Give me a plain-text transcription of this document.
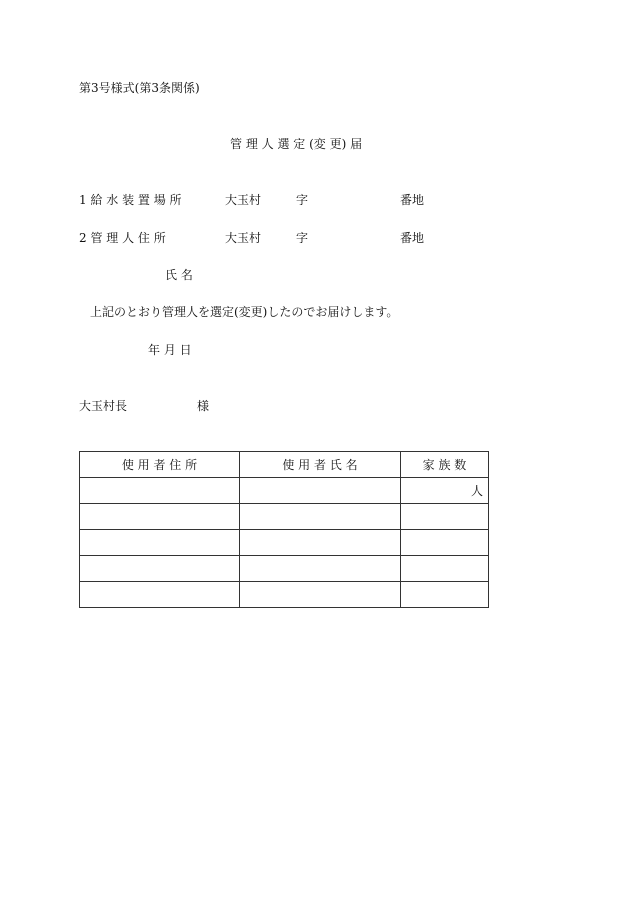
第3号様式(第3条関係)
管 理 人 選 定 (変 更) 届
1 給 水 装 置 場 所	大玉村	字	番地
2 管 理 人 住 所	大玉村	字	番地
氏 名
上記のとおり管理人を選定(変更)したのでお届けします。
年 月 日
大玉村長	様
使 用 者 住 所	使 用 者 氏 名	家 族 数
		人
